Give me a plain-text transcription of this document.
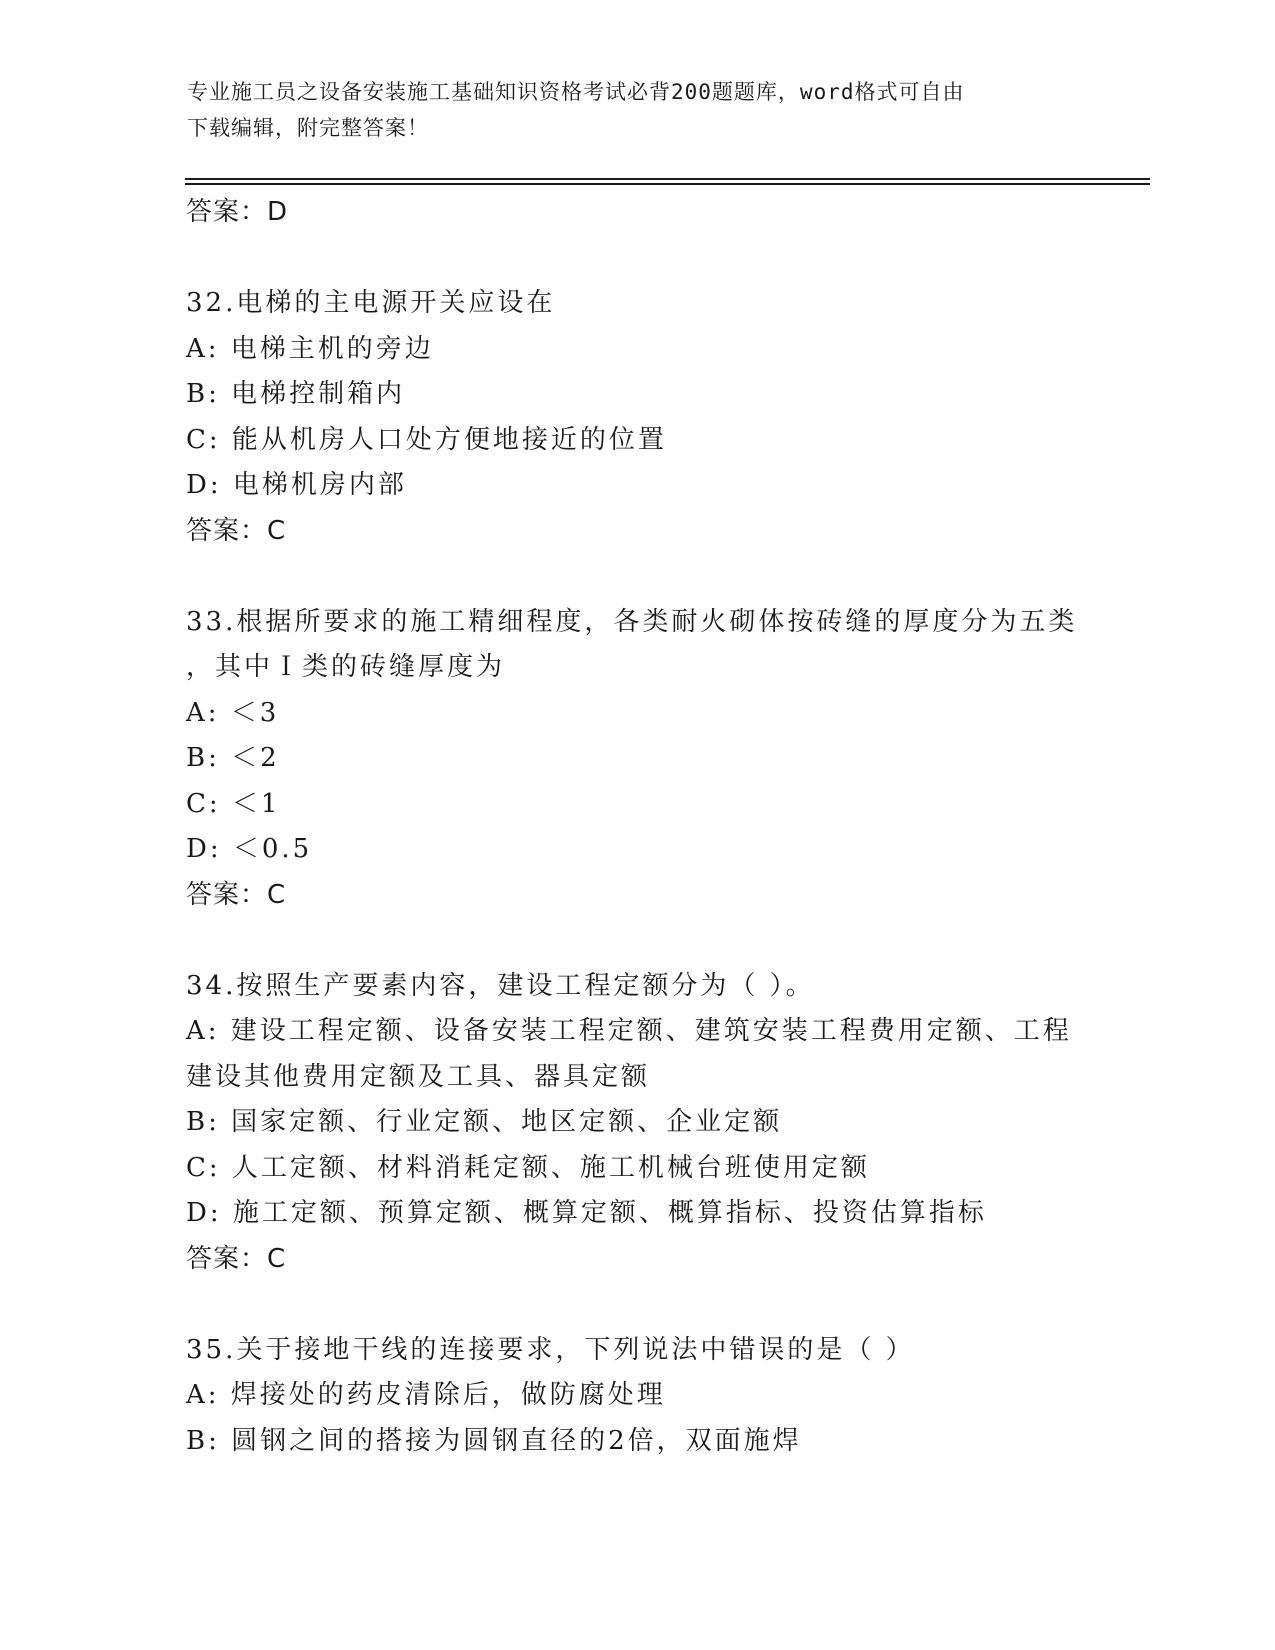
专业施工员之设备安装施工基础知识资格考试必背200题题库，word格式可自由
下载编辑，附完整答案！
答案：D
32.电梯的主电源开关应设在
A: 电梯主机的旁边
B: 电梯控制箱内
C: 能从机房人口处方便地接近的位置
D: 电梯机房内部
答案：C
33.根据所要求的施工精细程度，各类耐火砌体按砖缝的厚度分为五类
，其中Ｉ类的砖缝厚度为
A: ＜3
B: ＜2
C: ＜1
D: ＜0.5
答案：C
34.按照生产要素内容，建设工程定额分为（ ）。
A: 建设工程定额、设备安装工程定额、建筑安装工程费用定额、工程
建设其他费用定额及工具、器具定额
B: 国家定额、行业定额、地区定额、企业定额
C: 人工定额、材料消耗定额、施工机械台班使用定额
D: 施工定额、预算定额、概算定额、概算指标、投资估算指标
答案：C
35.关于接地干线的连接要求，下列说法中错误的是（ ）
A: 焊接处的药皮清除后，做防腐处理
B: 圆钢之间的搭接为圆钢直径的2倍，双面施焊
